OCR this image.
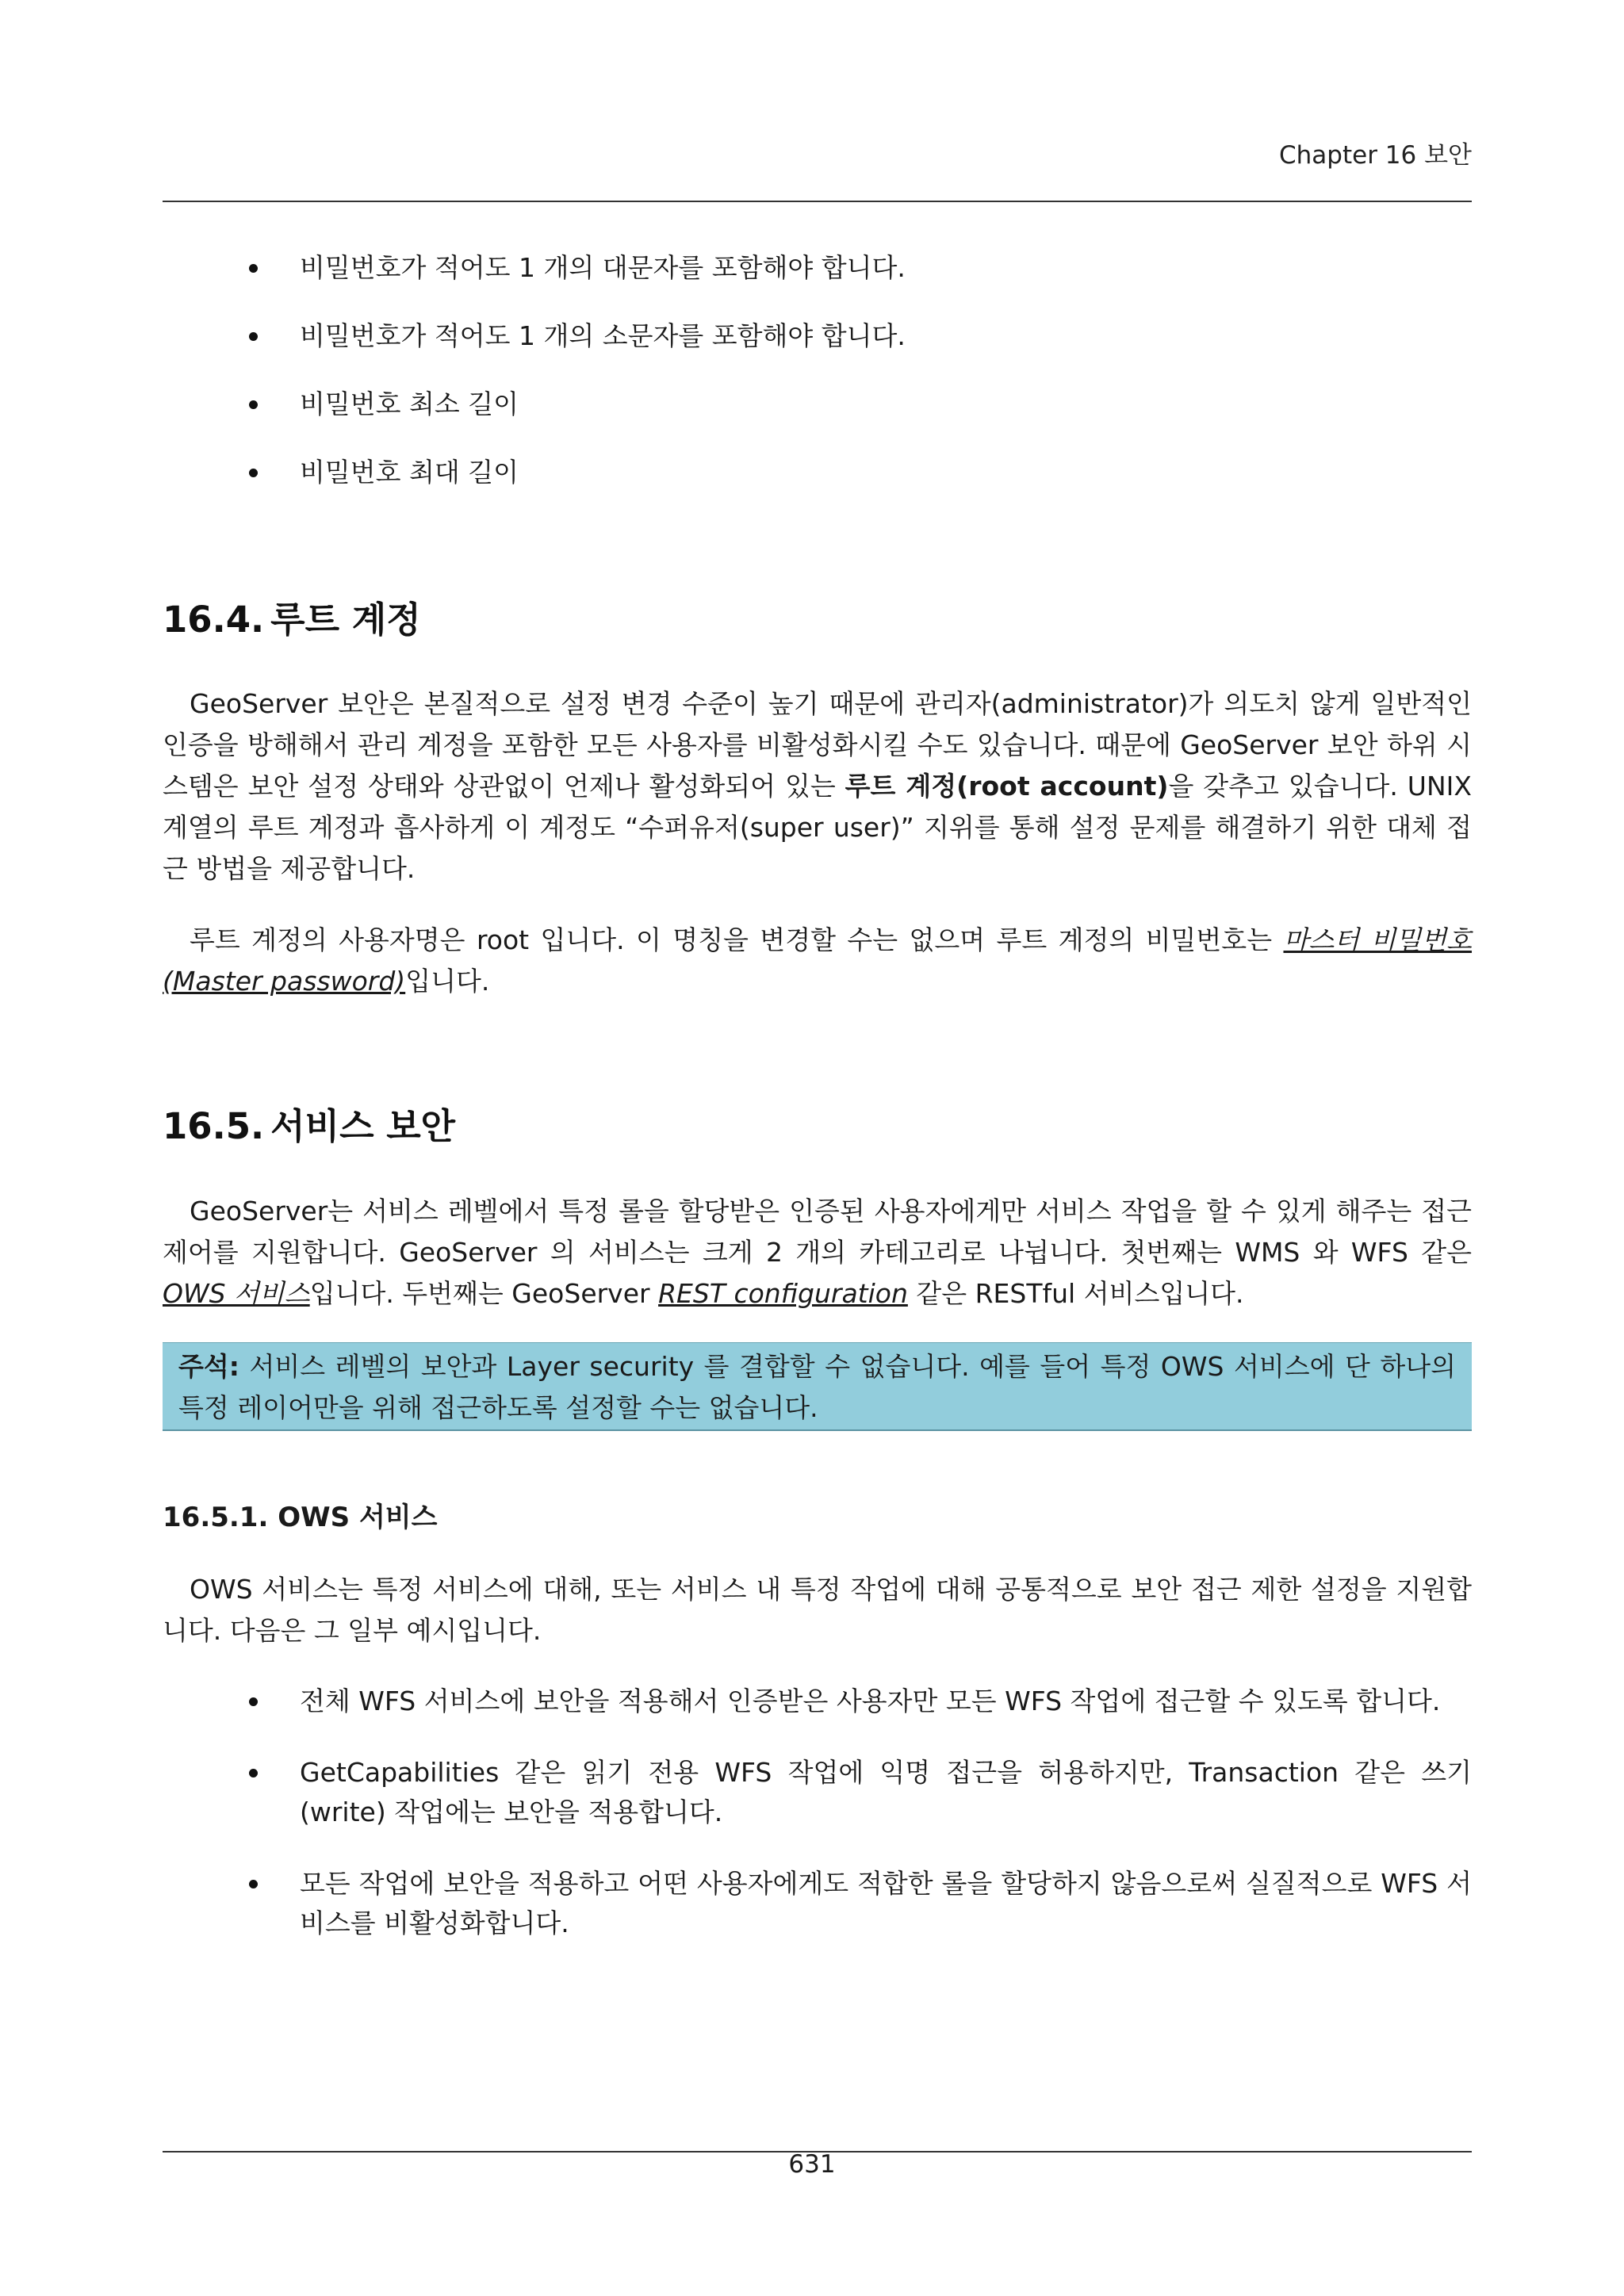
Chapter 16 보안
비밀번호가 적어도 1 개의 대문자를 포함해야 합니다.
비밀번호가 적어도 1 개의 소문자를 포함해야 합니다.
비밀번호 최소 길이
비밀번호 최대 길이
16.4. 루트 계정

GeoServer 보안은 본질적으로 설정 변경 수준이 높기 때문에 관리자(administrator)가 의도치 않게 일반적인 인증을 방해해서 관리 계정을 포함한 모든 사용자를 비활성화시킬 수도 있습니다. 때문에 GeoServer 보안 하위 시스템은 보안 설정 상태와 상관없이 언제나 활성화되어 있는 루트 계정(root account)을 갖추고 있습니다. UNIX 계열의 루트 계정과 흡사하게 이 계정도 “수퍼유저(super user)” 지위를 통해 설정 문제를 해결하기 위한 대체 접근 방법을 제공합니다.

루트 계정의 사용자명은 root 입니다. 이 명칭을 변경할 수는 없으며 루트 계정의 비밀번호는 마스터 비밀번호(Master password)입니다.

16.5. 서비스 보안

GeoServer는 서비스 레벨에서 특정 롤을 할당받은 인증된 사용자에게만 서비스 작업을 할 수 있게 해주는 접근 제어를 지원합니다. GeoServer 의 서비스는 크게 2 개의 카테고리로 나뉩니다. 첫번째는 WMS 와 WFS 같은 OWS 서비스입니다. 두번째는 GeoServer REST configuration 같은 RESTful 서비스입니다.

주석: 서비스 레벨의 보안과 Layer security 를 결합할 수 없습니다. 예를 들어 특정 OWS 서비스에 단 하나의 특정 레이어만을 위해 접근하도록 설정할 수는 없습니다.

16.5.1. OWS 서비스

OWS 서비스는 특정 서비스에 대해, 또는 서비스 내 특정 작업에 대해 공통적으로 보안 접근 제한 설정을 지원합니다. 다음은 그 일부 예시입니다.

전체 WFS 서비스에 보안을 적용해서 인증받은 사용자만 모든 WFS 작업에 접근할 수 있도록 합니다.
GetCapabilities 같은 읽기 전용 WFS 작업에 익명 접근을 허용하지만, Transaction 같은 쓰기(write) 작업에는 보안을 적용합니다.
모든 작업에 보안을 적용하고 어떤 사용자에게도 적합한 롤을 할당하지 않음으로써 실질적으로 WFS 서비스를 비활성화합니다.
631
